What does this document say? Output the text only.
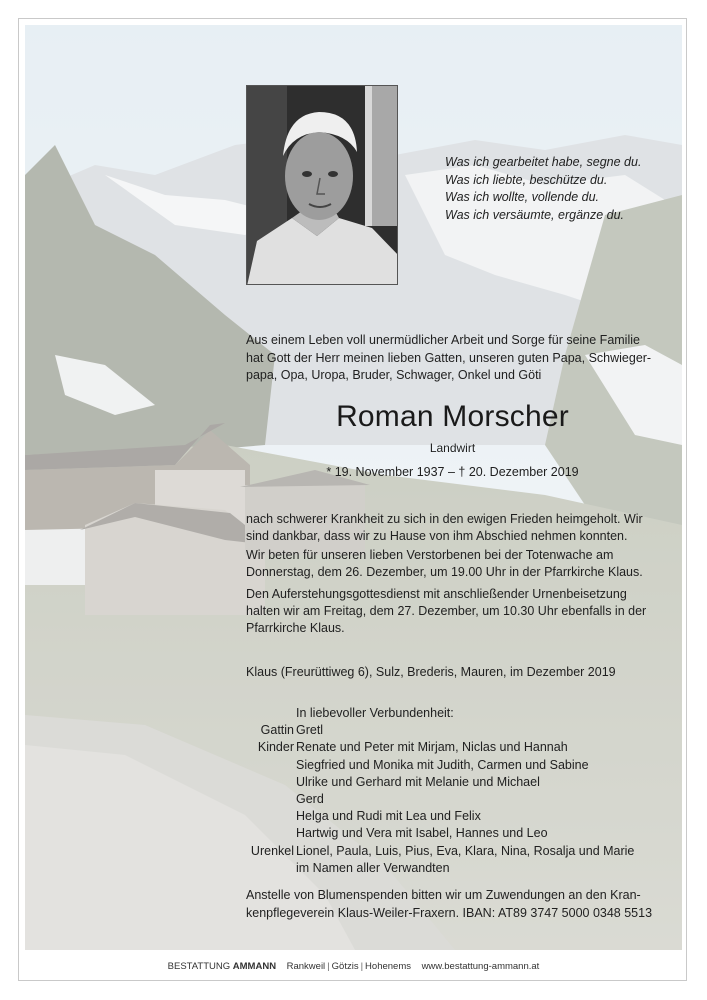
Was ich gearbeitet habe, segne du.
Was ich liebte, beschütze du.
Was ich wollte, vollende du.
Was ich versäumte, ergänze du.
Aus einem Leben voll unermüdlicher Arbeit und Sorge für seine Familie
hat Gott der Herr meinen lieben Gatten, unseren guten Papa, Schwieger-
papa, Opa, Uropa, Bruder, Schwager, Onkel und Göti
Roman Morscher
Landwirt
* 19. November 1937 – † 20. Dezember 2019
nach schwerer Krankheit zu sich in den ewigen Frieden heimgeholt. Wir
sind dankbar, dass wir zu Hause von ihm Abschied nehmen konnten.
Wir beten für unseren lieben Verstorbenen bei der Totenwache am
Donnerstag, dem 26. Dezember, um 19.00 Uhr in der Pfarrkirche Klaus.
Den Auferstehungsgottesdienst mit anschließender Urnenbeisetzung
halten wir am Freitag, dem 27. Dezember, um 10.30 Uhr ebenfalls in der
Pfarrkirche Klaus.
Klaus (Freurüttiweg 6), Sulz, Brederis, Mauren, im Dezember 2019
In liebevoller Verbundenheit:
Gattin Gretl
Kinder Renate und Peter mit Mirjam, Niclas und Hannah
Siegfried und Monika mit Judith, Carmen und Sabine
Ulrike und Gerhard mit Melanie und Michael
Gerd
Helga und Rudi mit Lea und Felix
Hartwig und Vera mit Isabel, Hannes und Leo
Urenkel Lionel, Paula, Luis, Pius, Eva, Klara, Nina, Rosalja und Marie
im Namen aller Verwandten
Anstelle von Blumenspenden bitten wir um Zuwendungen an den Kran-
kenpflegeverein Klaus-Weiler-Fraxern. IBAN: AT89 3747 5000 0348 5513
BESTATTUNG AMMANN Rankweil | Götzis | Hohenems www.bestattung-ammann.at
